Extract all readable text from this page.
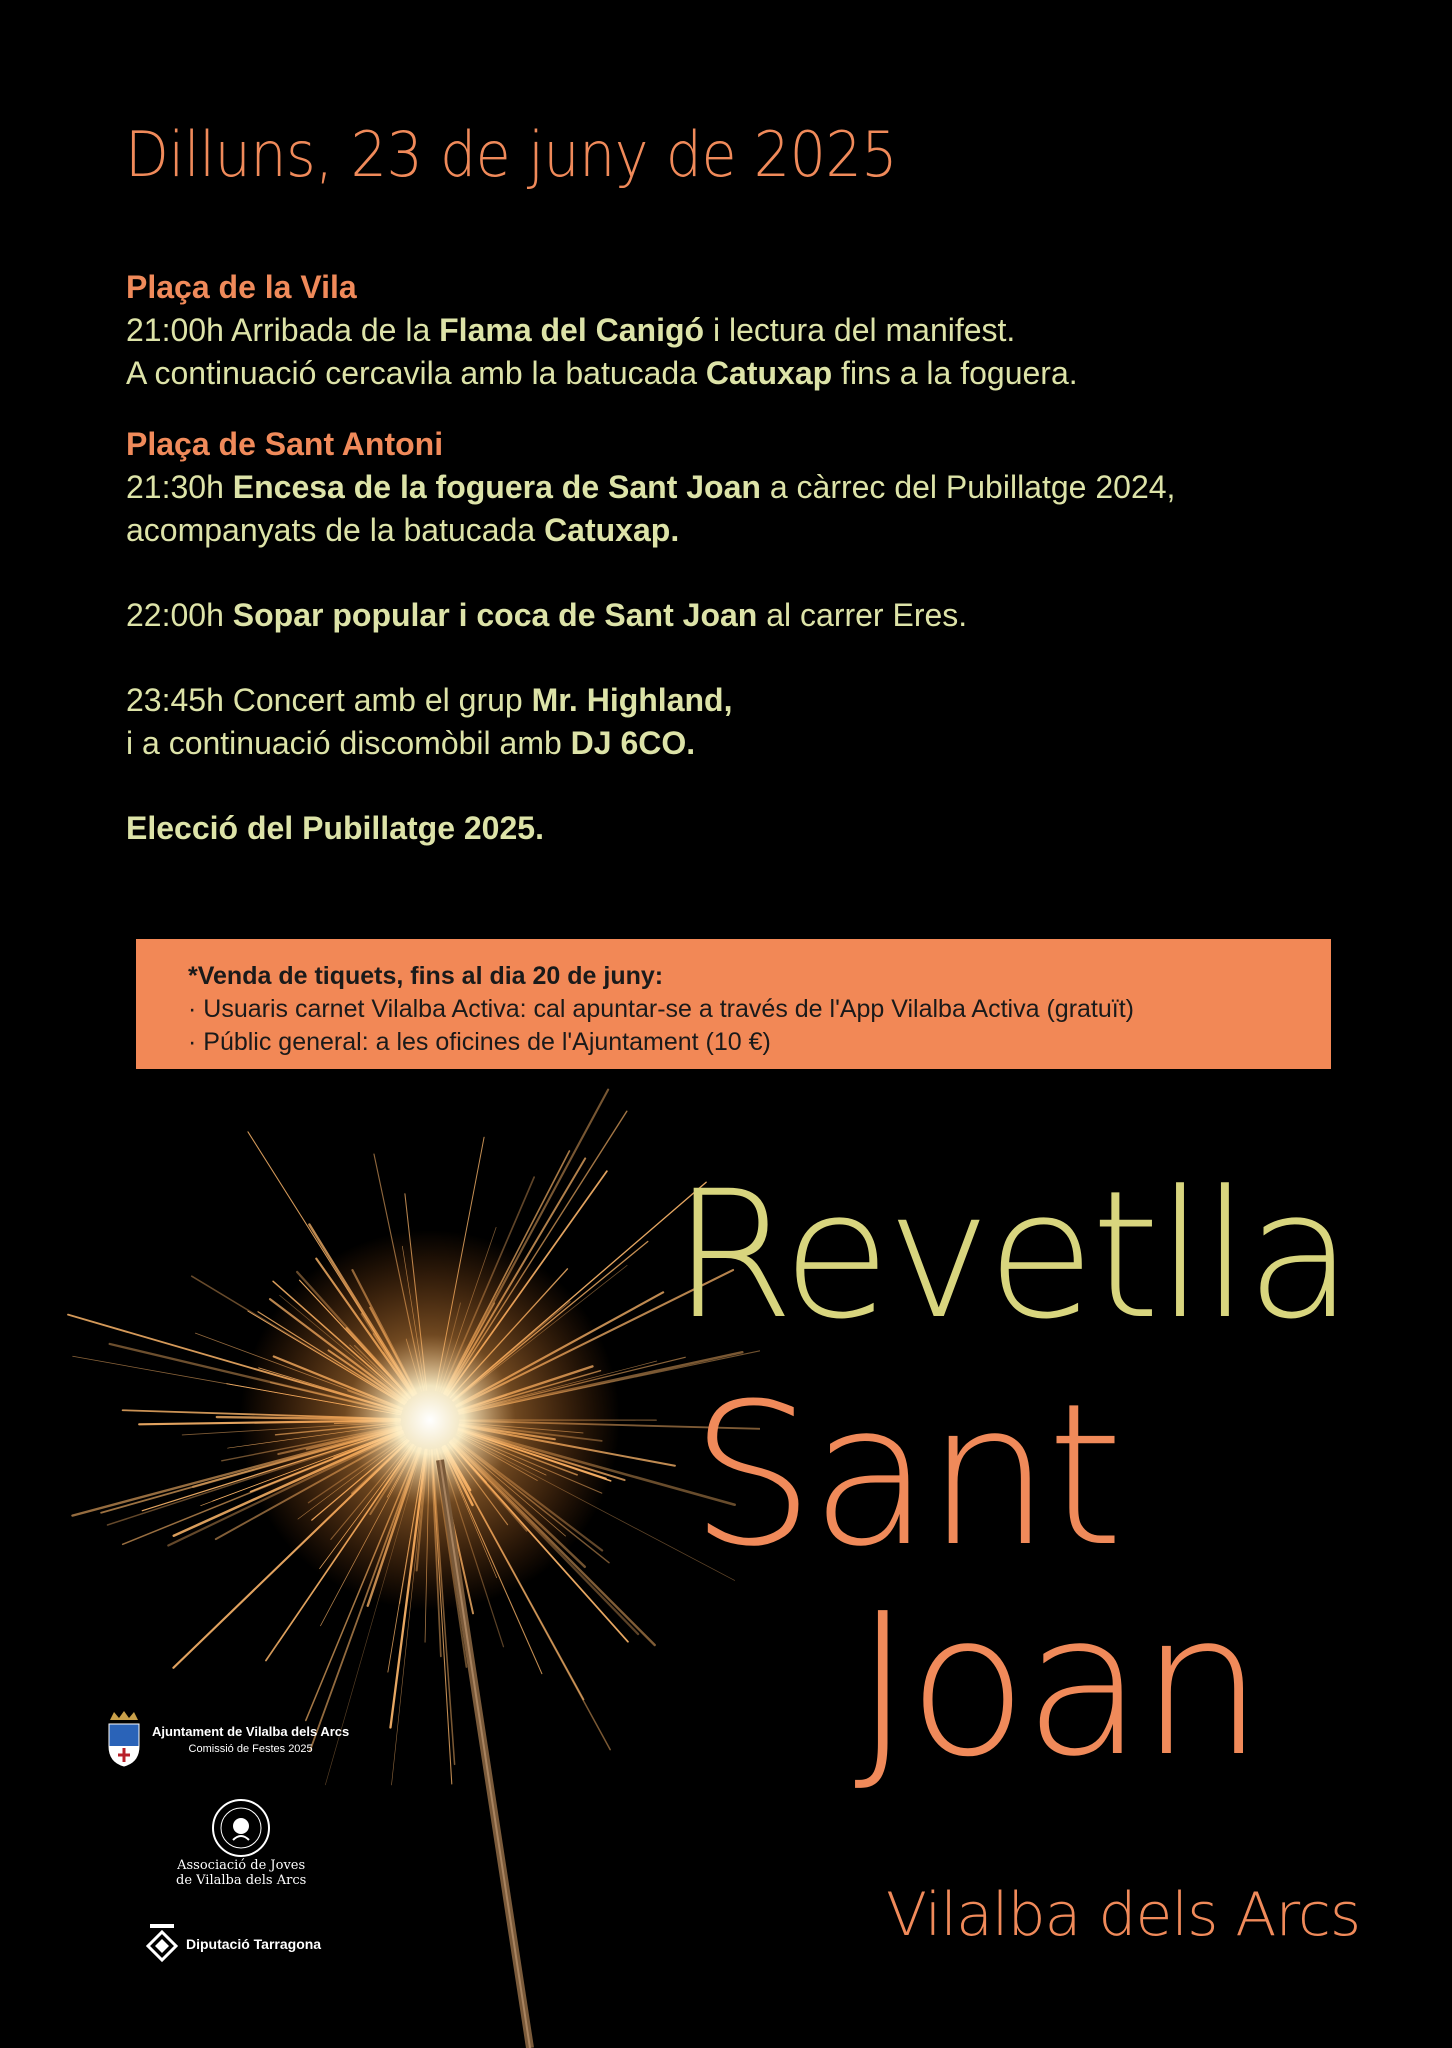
Dilluns, 23 de juny de 2025
Plaça de la Vila
21:00h Arribada de la Flama del Canigó i lectura del manifest.
A continuació cercavila amb la batucada Catuxap fins a la foguera.
Plaça de Sant Antoni
21:30h Encesa de la foguera de Sant Joan a càrrec del Pubillatge 2024,
acompanyats de la batucada Catuxap.
22:00h Sopar popular i coca de Sant Joan al carrer Eres.
23:45h Concert amb el grup Mr. Highland,
i a continuació discomòbil amb DJ 6CO.
Elecció del Pubillatge 2025.
*Venda de tiquets, fins al dia 20 de juny:
· Usuaris carnet Vilalba Activa: cal apuntar-se a través de l'App Vilalba Activa (gratuït)
· Públic general: a les oficines de l'Ajuntament (10 €)
Revetlla
Sant
Joan
Vilalba dels Arcs
Ajuntament de Vilalba dels Arcs
Comissió de Festes 2025
Associació de Joves
de Vilalba dels Arcs
Diputació Tarragona
